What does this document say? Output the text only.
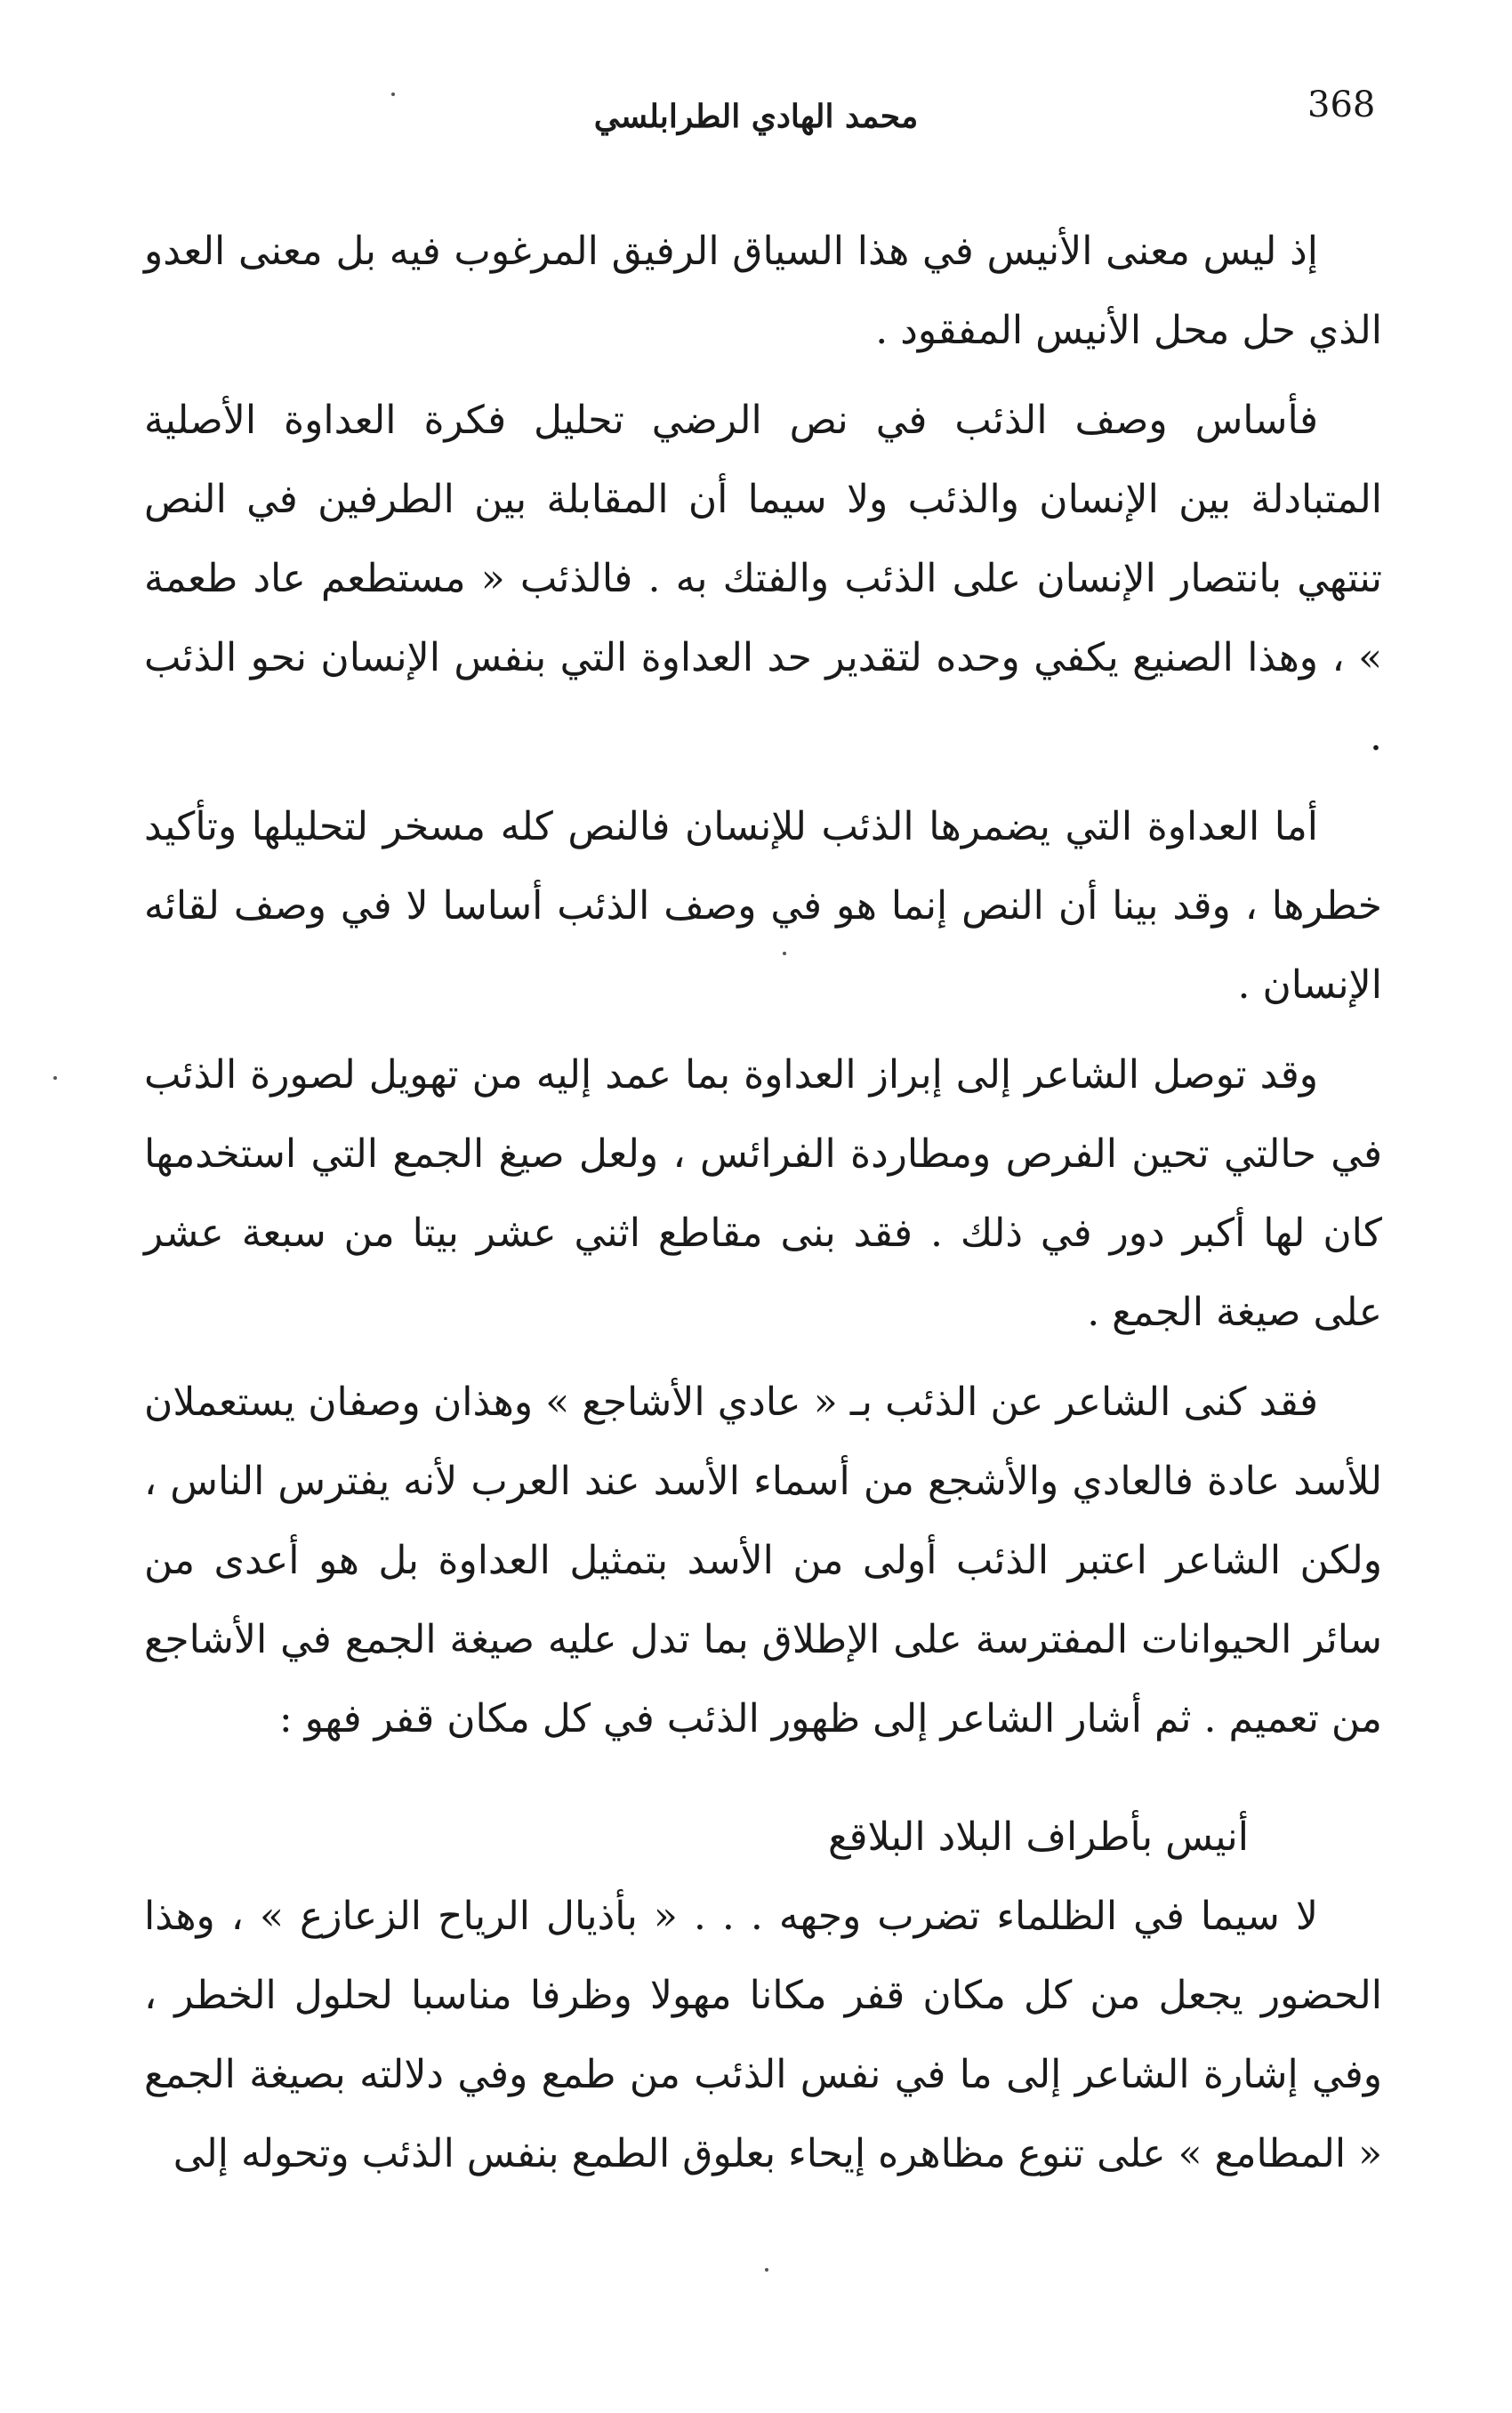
368
محمد الهادي الطرابلسي

إذ ليس معنى الأنيس في هذا السياق الرفيق المرغوب فيه بل معنى العدو الذي حل محل الأنيس المفقود .

فأساس وصف الذئب في نص الرضي تحليل فكرة العداوة الأصلية المتبادلة بين الإنسان والذئب ولا سيما أن المقابلة بين الطرفين في النص تنتهي بانتصار الإنسان على الذئب والفتك به . فالذئب « مستطعم عاد طعمة » ، وهذا الصنيع يكفي وحده لتقدير حد العداوة التي بنفس الإنسان نحو الذئب .

أما العداوة التي يضمرها الذئب للإنسان فالنص كله مسخر لتحليلها وتأكيد خطرها ، وقد بينا أن النص إنما هو في وصف الذئب أساسا لا في وصف لقائه الإنسان .

وقد توصل الشاعر إلى إبراز العداوة بما عمد إليه من تهويل لصورة الذئب في حالتي تحين الفرص ومطاردة الفرائس ، ولعل صيغ الجمع التي استخدمها كان لها أكبر دور في ذلك . فقد بنى مقاطع اثني عشر بيتا من سبعة عشر على صيغة الجمع .

فقد كنى الشاعر عن الذئب بـ « عادي الأشاجع » وهذان وصفان يستعملان للأسد عادة فالعادي والأشجع من أسماء الأسد عند العرب لأنه يفترس الناس ، ولكن الشاعر اعتبر الذئب أولى من الأسد بتمثيل العداوة بل هو أعدى من سائر الحيوانات المفترسة على الإطلاق بما تدل عليه صيغة الجمع في الأشاجع من تعميم . ثم أشار الشاعر إلى ظهور الذئب في كل مكان قفر فهو :

أنيس بأطراف البلاد البلاقع

لا سيما في الظلماء تضرب وجهه . . . « بأذيال الرياح الزعازع » ، وهذا الحضور يجعل من كل مكان قفر مكانا مهولا وظرفا مناسبا لحلول الخطر ، وفي إشارة الشاعر إلى ما في نفس الذئب من طمع وفي دلالته بصيغة الجمع « المطامع » على تنوع مظاهره إيحاء بعلوق الطمع بنفس الذئب وتحوله إلى
